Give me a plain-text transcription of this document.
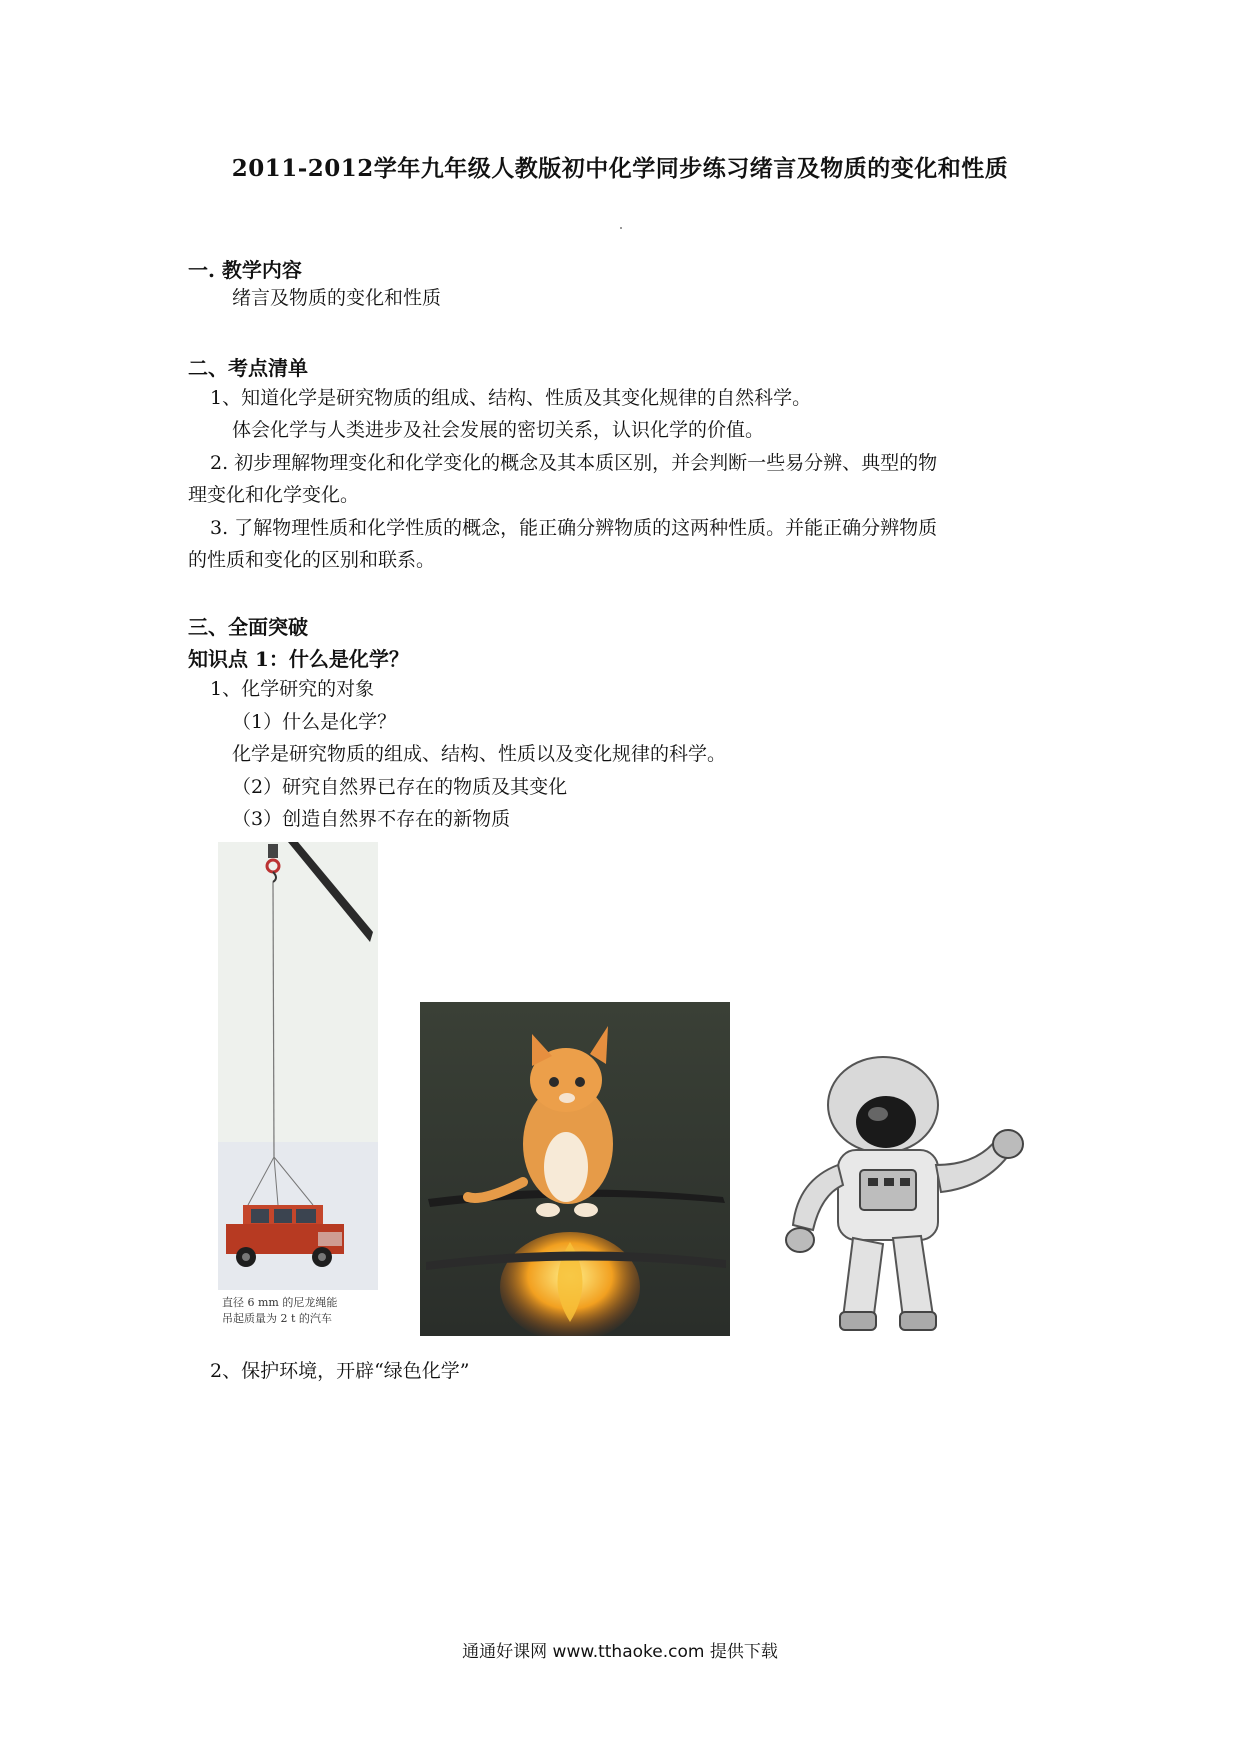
2011-2012学年九年级人教版初中化学同步练习绪言及物质的变化和性质
一. 教学内容
绪言及物质的变化和性质
二、考点清单
1、知道化学是研究物质的组成、结构、性质及其变化规律的自然科学。
体会化学与人类进步及社会发展的密切关系，认识化学的价值。
2. 初步理解物理变化和化学变化的概念及其本质区别，并会判断一些易分辨、典型的物
理变化和化学变化。
3. 了解物理性质和化学性质的概念，能正确分辨物质的这两种性质。并能正确分辨物质
的性质和变化的区别和联系。
三、全面突破
知识点 1：什么是化学？
1、化学研究的对象
（1）什么是化学？
化学是研究物质的组成、结构、性质以及变化规律的科学。
（2）研究自然界已存在的物质及其变化
（3）创造自然界不存在的新物质
直径 6 mm 的尼龙绳能
吊起质量为 2 t 的汽车
2、保护环境，开辟“绿色化学”
通通好课网 www.tthaoke.com 提供下载
